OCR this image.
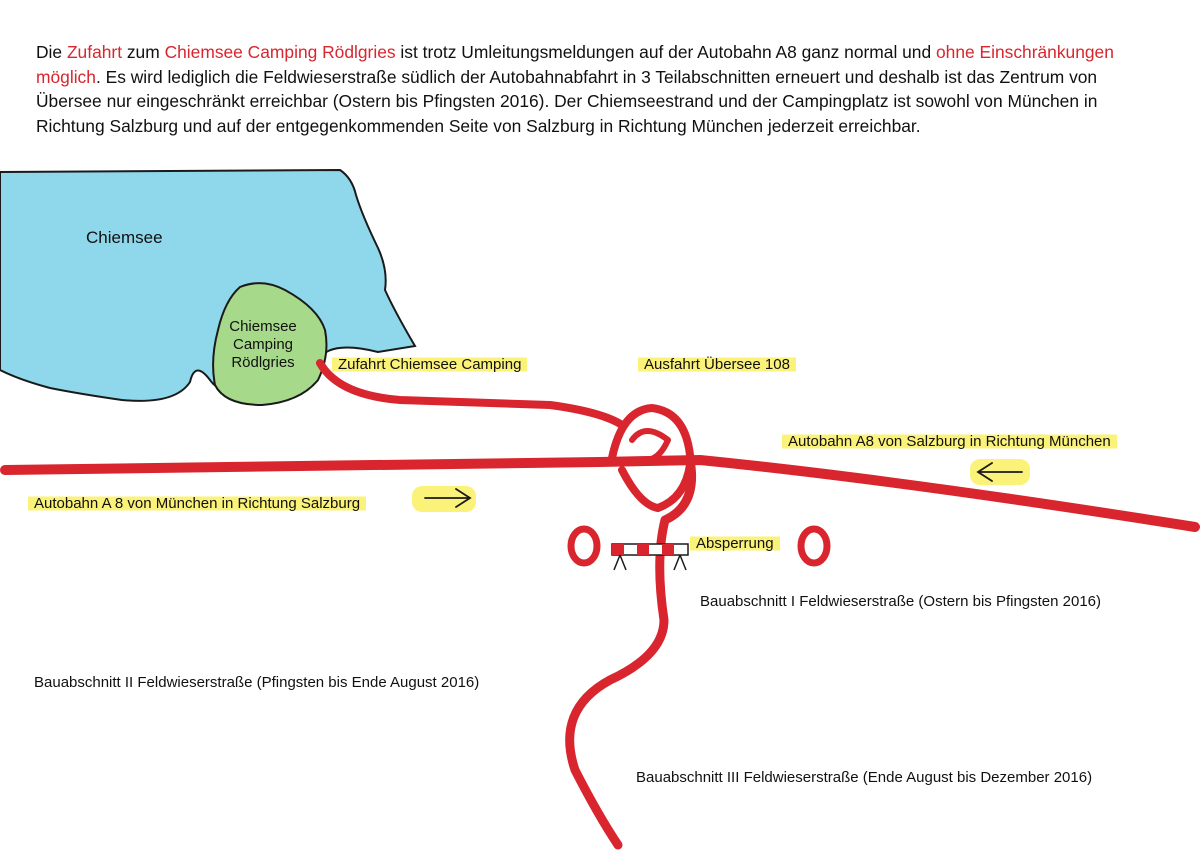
Die Zufahrt zum Chiemsee Camping Rödlgries ist trotz Umleitungsmeldungen auf der Autobahn A8 ganz normal und ohne Einschränkungen möglich. Es wird lediglich die Feldwieserstraße südlich der Autobahnabfahrt in 3 Teilabschnitten erneuert und deshalb ist das Zentrum von Übersee nur eingeschränkt erreichbar (Ostern bis Pfingsten 2016). Der Chiemseestrand und der Campingplatz ist sowohl von München in Richtung Salzburg und auf der entgegenkommenden Seite von Salzburg in Richtung München jederzeit erreichbar.

Chiemsee
Chiemsee Camping Rödlgries	Zufahrt Chiemsee Camping	Ausfahrt Übersee 108
Autobahn A8 von Salzburg in Richtung München
Autobahn A 8 von München in Richtung Salzburg
Absperrung
Bauabschnitt I Feldwieserstraße (Ostern bis Pfingsten 2016)
Bauabschnitt II Feldwieserstraße (Pfingsten bis Ende August 2016)
Bauabschnitt III Feldwieserstraße (Ende August bis Dezember 2016)
